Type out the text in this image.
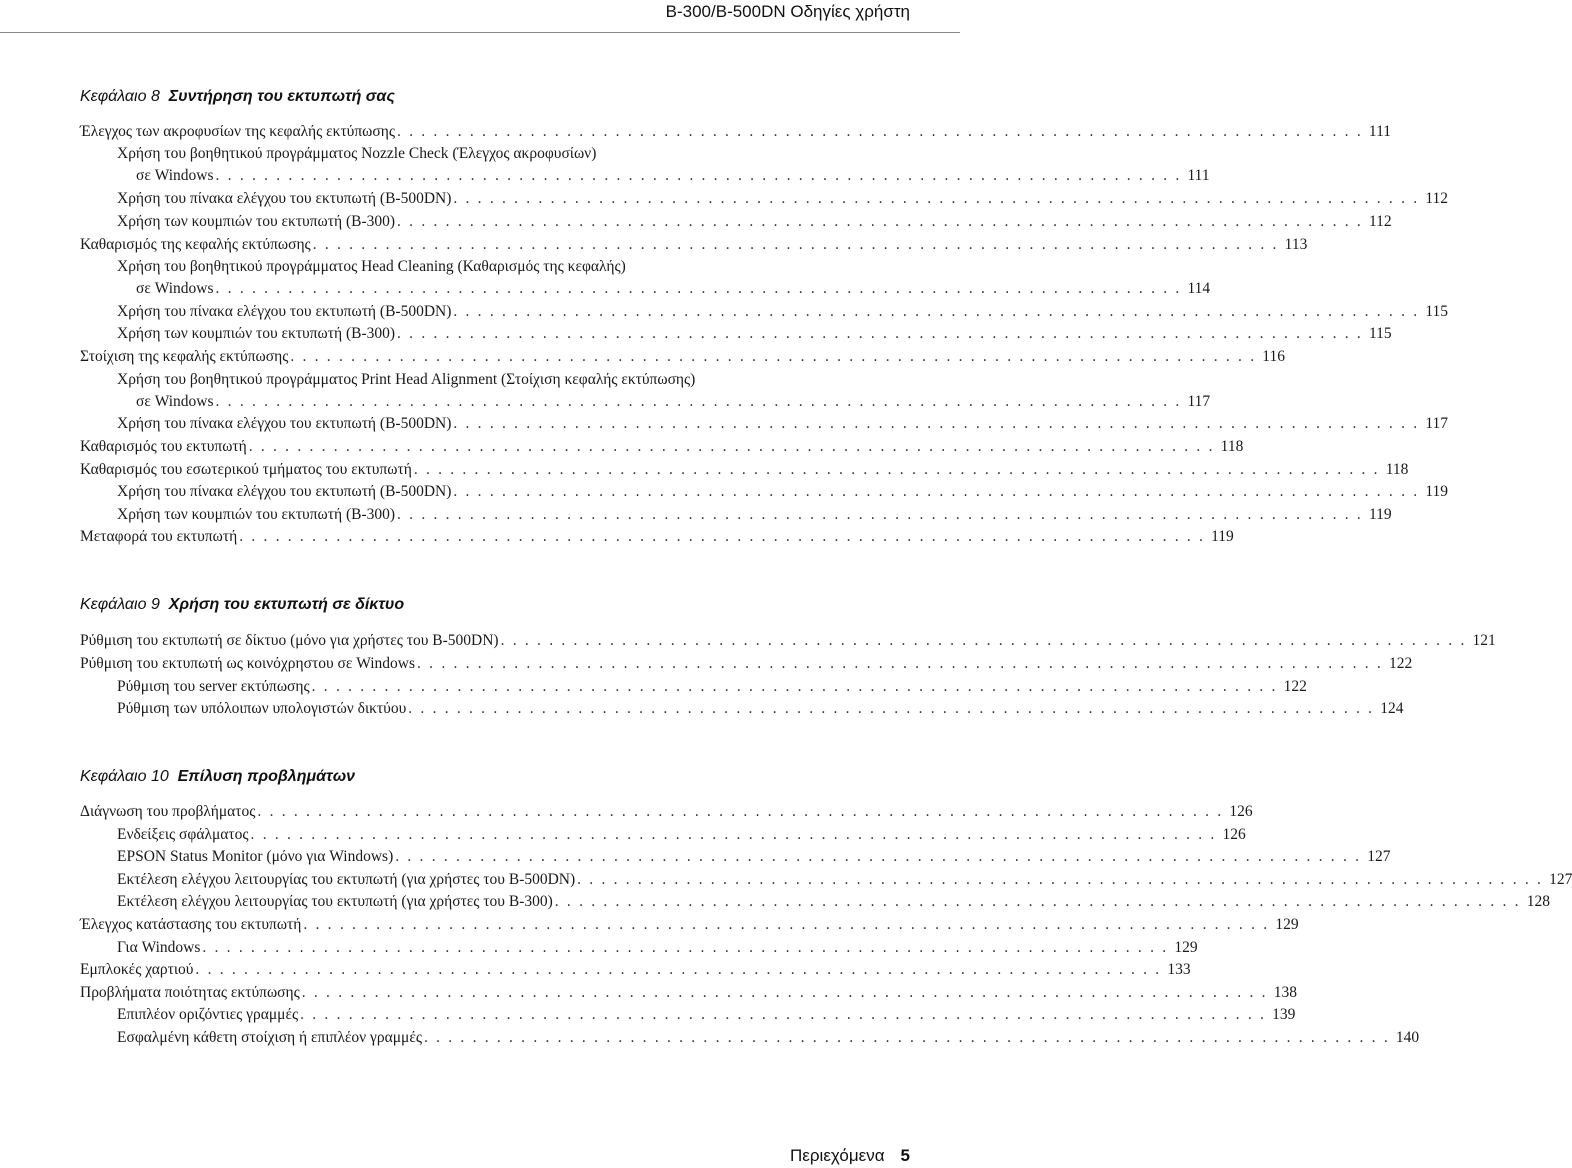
B-300/B-500DN Οδηγίες χρήστη
Κεφάλαιο 8 Συντήρηση του εκτυπωτή σας
Έλεγχος των ακροφυσίων της κεφαλής εκτύπωσης . . . . . . . . . . . . . . . . . . . . . . . . . . . . . . . . . . . . . . . . . . . . . . . . . . . . . . . . . . . . . . . . . . . . . . . . . . . . . . . . 111
Χρήση του βοηθητικού προγράμματος Nozzle Check (Έλεγχος ακροφυσίων)
σε Windows . . . . . . . . . . . . . . . . . . . . . . . . . . . . . . . . . . . . . . . . . . . . . . . . . . . . . . . . . . . . . . . . . . . . . . . . . . . . . . . . 111
Χρήση του πίνακα ελέγχου του εκτυπωτή (B-500DN) . . . . . . . . . . . . . . . . . . . . . . . . . . . . . . . . . . . . . . . . . . . . . . . . . . . . . . . . . . . . . . . . . . . . . . . . . . . . . . . . 112
Χρήση των κουμπιών του εκτυπωτή (B-300) . . . . . . . . . . . . . . . . . . . . . . . . . . . . . . . . . . . . . . . . . . . . . . . . . . . . . . . . . . . . . . . . . . . . . . . . . . . . . . . . 112
Καθαρισμός της κεφαλής εκτύπωσης . . . . . . . . . . . . . . . . . . . . . . . . . . . . . . . . . . . . . . . . . . . . . . . . . . . . . . . . . . . . . . . . . . . . . . . . . . . . . . . . 113
Χρήση του βοηθητικού προγράμματος Head Cleaning (Καθαρισμός της κεφαλής)
σε Windows . . . . . . . . . . . . . . . . . . . . . . . . . . . . . . . . . . . . . . . . . . . . . . . . . . . . . . . . . . . . . . . . . . . . . . . . . . . . . . . . 114
Χρήση του πίνακα ελέγχου του εκτυπωτή (B-500DN) . . . . . . . . . . . . . . . . . . . . . . . . . . . . . . . . . . . . . . . . . . . . . . . . . . . . . . . . . . . . . . . . . . . . . . . . . . . . . . . . 115
Χρήση των κουμπιών του εκτυπωτή (B-300) . . . . . . . . . . . . . . . . . . . . . . . . . . . . . . . . . . . . . . . . . . . . . . . . . . . . . . . . . . . . . . . . . . . . . . . . . . . . . . . . 115
Στοίχιση της κεφαλής εκτύπωσης . . . . . . . . . . . . . . . . . . . . . . . . . . . . . . . . . . . . . . . . . . . . . . . . . . . . . . . . . . . . . . . . . . . . . . . . . . . . . . . . 116
Χρήση του βοηθητικού προγράμματος Print Head Alignment (Στοίχιση κεφαλής εκτύπωσης)
σε Windows . . . . . . . . . . . . . . . . . . . . . . . . . . . . . . . . . . . . . . . . . . . . . . . . . . . . . . . . . . . . . . . . . . . . . . . . . . . . . . . . 117
Χρήση του πίνακα ελέγχου του εκτυπωτή (B-500DN) . . . . . . . . . . . . . . . . . . . . . . . . . . . . . . . . . . . . . . . . . . . . . . . . . . . . . . . . . . . . . . . . . . . . . . . . . . . . . . . . 117
Καθαρισμός του εκτυπωτή . . . . . . . . . . . . . . . . . . . . . . . . . . . . . . . . . . . . . . . . . . . . . . . . . . . . . . . . . . . . . . . . . . . . . . . . . . . . . . . . 118
Καθαρισμός του εσωτερικού τμήματος του εκτυπωτή . . . . . . . . . . . . . . . . . . . . . . . . . . . . . . . . . . . . . . . . . . . . . . . . . . . . . . . . . . . . . . . . . . . . . . . . . . . . . . . . 118
Χρήση του πίνακα ελέγχου του εκτυπωτή (B-500DN) . . . . . . . . . . . . . . . . . . . . . . . . . . . . . . . . . . . . . . . . . . . . . . . . . . . . . . . . . . . . . . . . . . . . . . . . . . . . . . . . 119
Χρήση των κουμπιών του εκτυπωτή (B-300) . . . . . . . . . . . . . . . . . . . . . . . . . . . . . . . . . . . . . . . . . . . . . . . . . . . . . . . . . . . . . . . . . . . . . . . . . . . . . . . . 119
Μεταφορά του εκτυπωτή . . . . . . . . . . . . . . . . . . . . . . . . . . . . . . . . . . . . . . . . . . . . . . . . . . . . . . . . . . . . . . . . . . . . . . . . . . . . . . . . 119
Κεφάλαιο 9 Χρήση του εκτυπωτή σε δίκτυο
Ρύθμιση του εκτυπωτή σε δίκτυο (μόνο για χρήστες του B-500DN) . . . . . . . . . . . . . . . . . . . . . . . . . . . . . . . . . . . . . . . . . . . . . . . . . . . . . . . . . . . . . . . . . . . . . . . . . . . . . . . . 121
Ρύθμιση του εκτυπωτή ως κοινόχρηστου σε Windows . . . . . . . . . . . . . . . . . . . . . . . . . . . . . . . . . . . . . . . . . . . . . . . . . . . . . . . . . . . . . . . . . . . . . . . . . . . . . . . . 122
Ρύθμιση του server εκτύπωσης . . . . . . . . . . . . . . . . . . . . . . . . . . . . . . . . . . . . . . . . . . . . . . . . . . . . . . . . . . . . . . . . . . . . . . . . . . . . . . . . 122
Ρύθμιση των υπόλοιπων υπολογιστών δικτύου . . . . . . . . . . . . . . . . . . . . . . . . . . . . . . . . . . . . . . . . . . . . . . . . . . . . . . . . . . . . . . . . . . . . . . . . . . . . . . . . 124
Κεφάλαιο 10 Επίλυση προβλημάτων
Διάγνωση του προβλήματος . . . . . . . . . . . . . . . . . . . . . . . . . . . . . . . . . . . . . . . . . . . . . . . . . . . . . . . . . . . . . . . . . . . . . . . . . . . . . . . . 126
Ενδείξεις σφάλματος . . . . . . . . . . . . . . . . . . . . . . . . . . . . . . . . . . . . . . . . . . . . . . . . . . . . . . . . . . . . . . . . . . . . . . . . . . . . . . . . 126
EPSON Status Monitor (μόνο για Windows) . . . . . . . . . . . . . . . . . . . . . . . . . . . . . . . . . . . . . . . . . . . . . . . . . . . . . . . . . . . . . . . . . . . . . . . . . . . . . . . . 127
Εκτέλεση ελέγχου λειτουργίας του εκτυπωτή (για χρήστες του B-500DN) . . . . . . . . . . . . . . . . . . . . . . . . . . . . . . . . . . . . . . . . . . . . . . . . . . . . . . . . . . . . . . . . . . . . . . . . . . . . . . . . 127
Εκτέλεση ελέγχου λειτουργίας του εκτυπωτή (για χρήστες του B-300) . . . . . . . . . . . . . . . . . . . . . . . . . . . . . . . . . . . . . . . . . . . . . . . . . . . . . . . . . . . . . . . . . . . . . . . . . . . . . . . . 128
Έλεγχος κατάστασης του εκτυπωτή . . . . . . . . . . . . . . . . . . . . . . . . . . . . . . . . . . . . . . . . . . . . . . . . . . . . . . . . . . . . . . . . . . . . . . . . . . . . . . . . 129
Για Windows . . . . . . . . . . . . . . . . . . . . . . . . . . . . . . . . . . . . . . . . . . . . . . . . . . . . . . . . . . . . . . . . . . . . . . . . . . . . . . . . 129
Εμπλοκές χαρτιού . . . . . . . . . . . . . . . . . . . . . . . . . . . . . . . . . . . . . . . . . . . . . . . . . . . . . . . . . . . . . . . . . . . . . . . . . . . . . . . . 133
Προβλήματα ποιότητας εκτύπωσης . . . . . . . . . . . . . . . . . . . . . . . . . . . . . . . . . . . . . . . . . . . . . . . . . . . . . . . . . . . . . . . . . . . . . . . . . . . . . . . . 138
Επιπλέον οριζόντιες γραμμές . . . . . . . . . . . . . . . . . . . . . . . . . . . . . . . . . . . . . . . . . . . . . . . . . . . . . . . . . . . . . . . . . . . . . . . . . . . . . . . . 139
Εσφαλμένη κάθετη στοίχιση ή επιπλέον γραμμές . . . . . . . . . . . . . . . . . . . . . . . . . . . . . . . . . . . . . . . . . . . . . . . . . . . . . . . . . . . . . . . . . . . . . . . . . . . . . . . . 140
Περιεχόμενα 5
